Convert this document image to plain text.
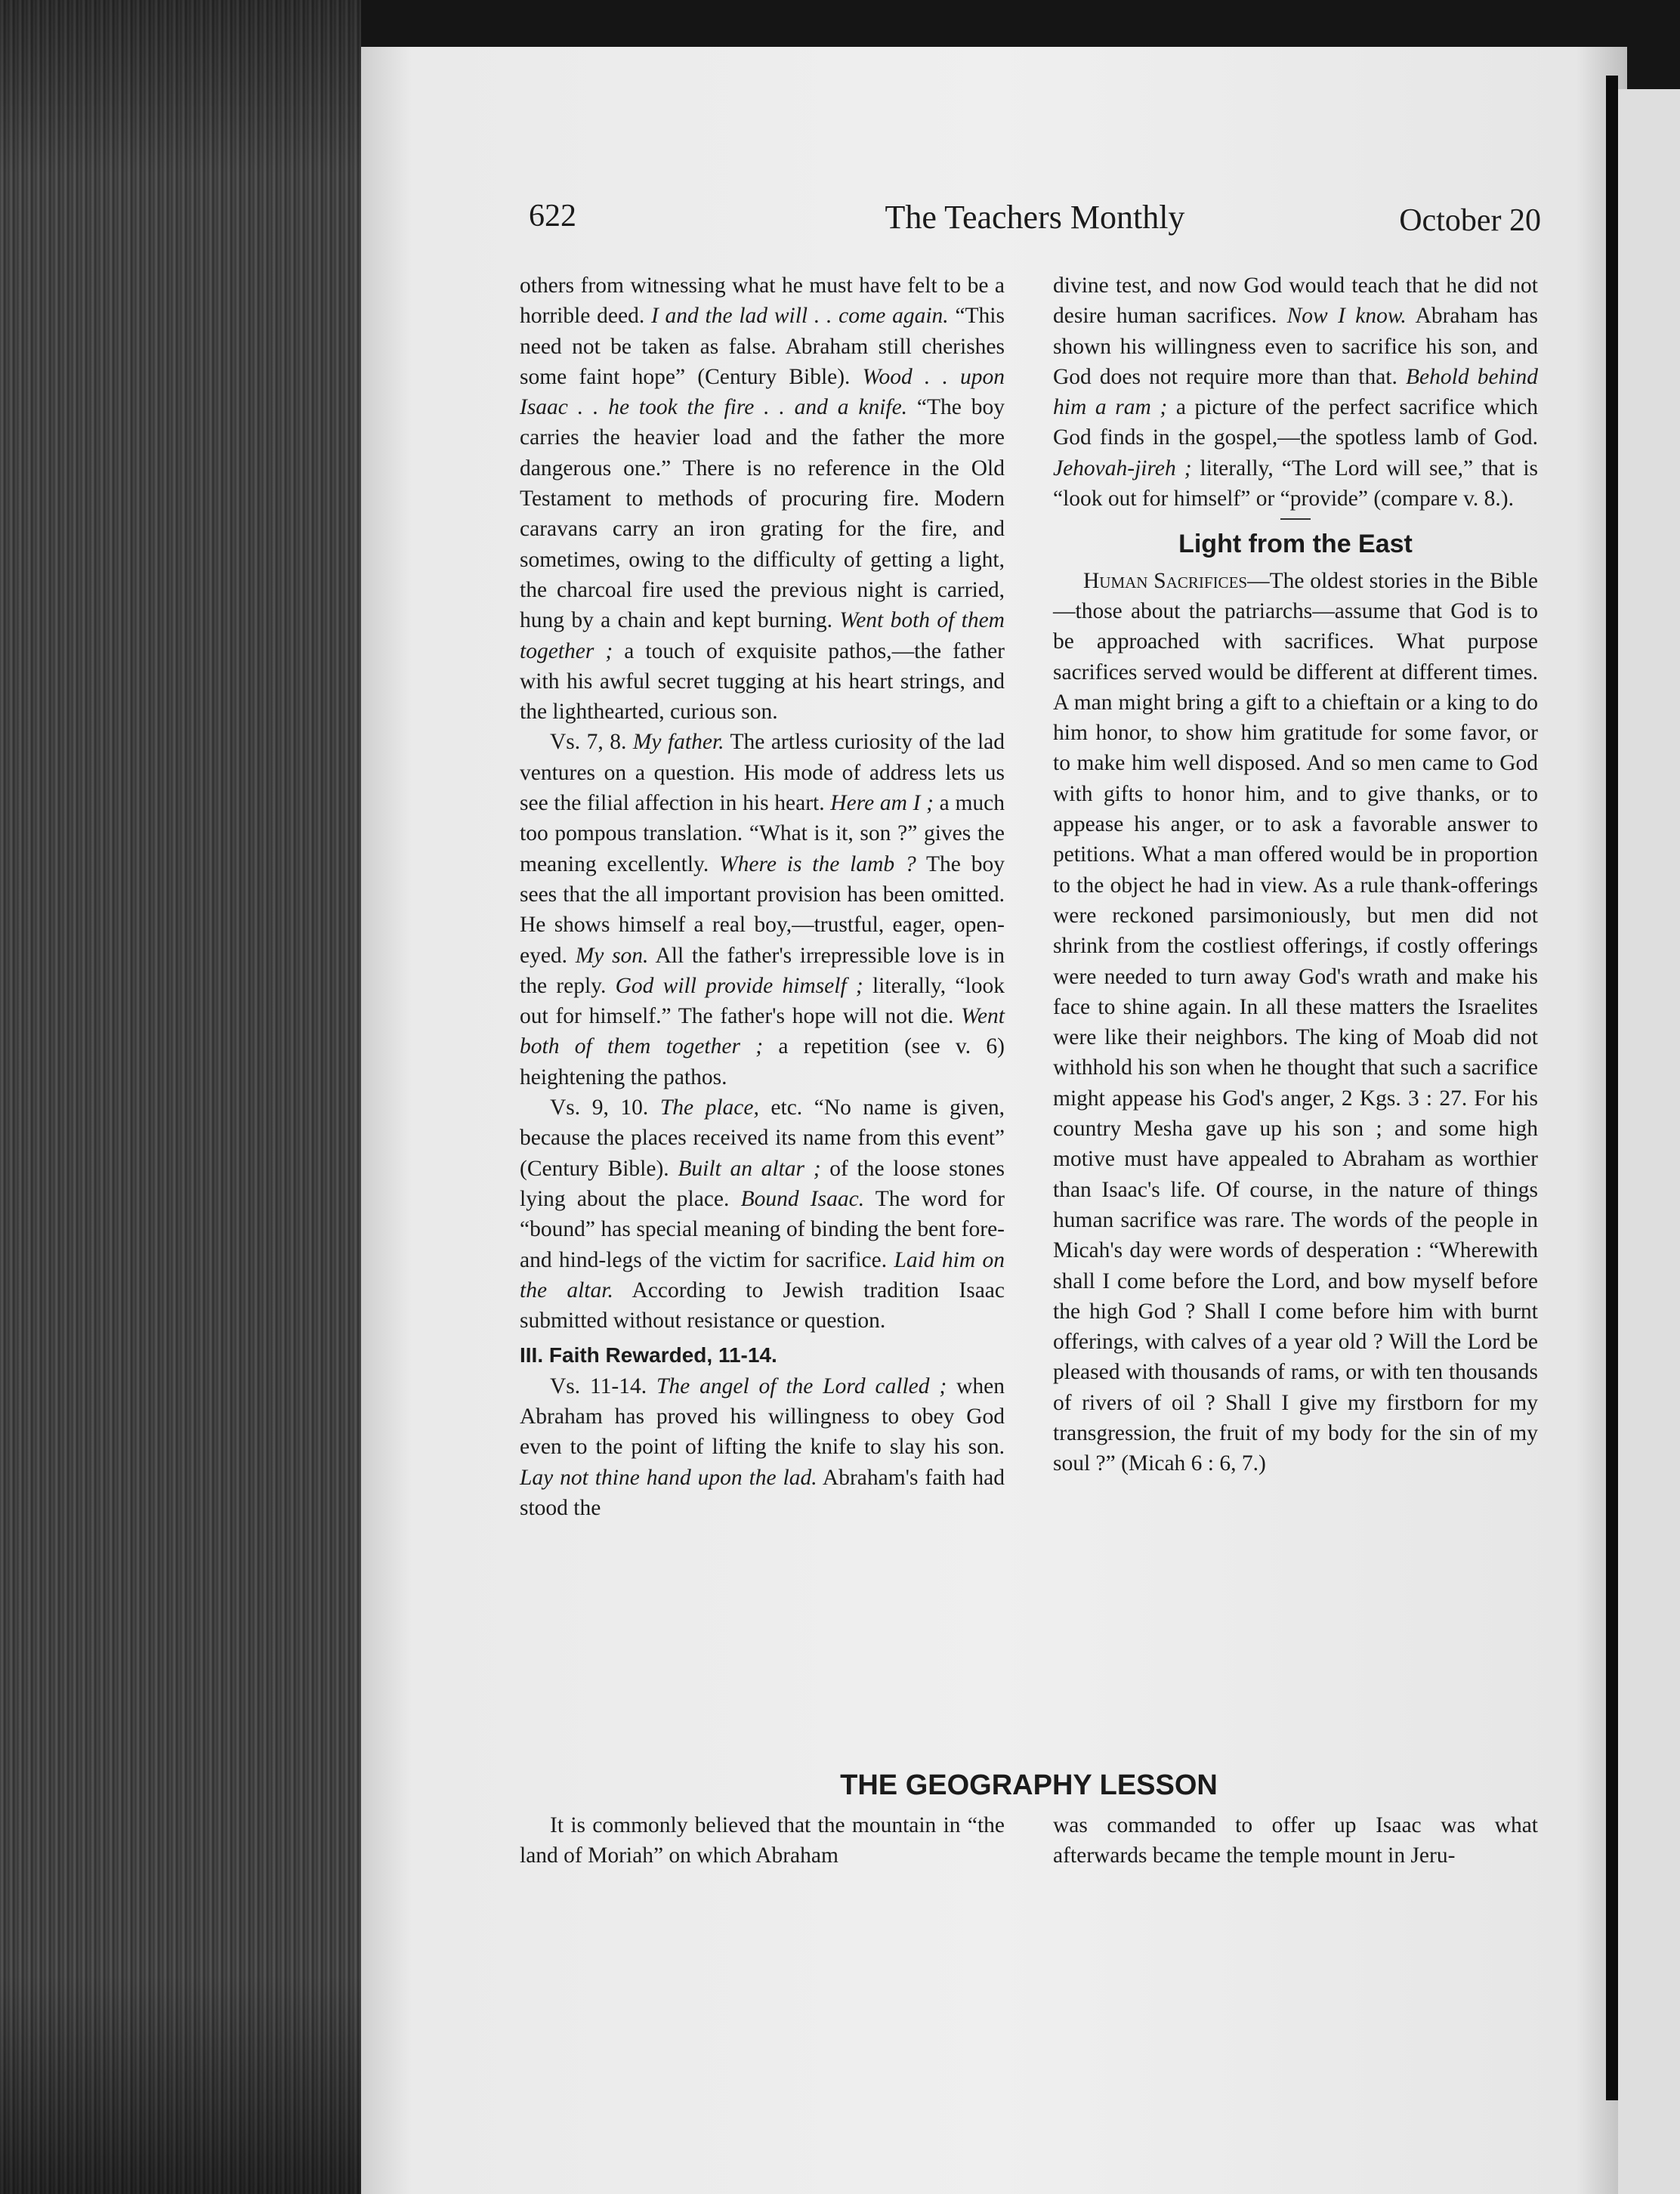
622	The Teachers Monthly	October 20

others from witnessing what he must have felt to be a horrible deed. I and the lad will . . come again. “This need not be taken as false. Abraham still cherishes some faint hope” (Century Bible). Wood . . upon Isaac . . he took the fire . . and a knife. “The boy carries the heavier load and the father the more dangerous one.” There is no reference in the Old Testament to methods of procuring fire. Modern caravans carry an iron grating for the fire, and sometimes, owing to the difficulty of getting a light, the charcoal fire used the previous night is carried, hung by a chain and kept burning. Went both of them together ; a touch of exquisite pathos,—the father with his awful secret tugging at his heart strings, and the lighthearted, curious son.

Vs. 7, 8. My father. The artless curiosity of the lad ventures on a question. His mode of address lets us see the filial affection in his heart. Here am I ; a much too pompous translation. “What is it, son ?” gives the meaning excellently. Where is the lamb ? The boy sees that the all important provision has been omitted. He shows himself a real boy,—trustful, eager, open-eyed. My son. All the father's irrepressible love is in the reply. God will provide himself ; literally, “look out for himself.” The father's hope will not die. Went both of them together ; a repetition (see v. 6) heightening the pathos.

Vs. 9, 10. The place, etc. “No name is given, because the places received its name from this event” (Century Bible). Built an altar ; of the loose stones lying about the place. Bound Isaac. The word for “bound” has special meaning of binding the bent fore- and hind-legs of the victim for sacrifice. Laid him on the altar. According to Jewish tradition Isaac submitted without resistance or question.

III. Faith Rewarded, 11-14.

Vs. 11-14. The angel of the Lord called ; when Abraham has proved his willingness to obey God even to the point of lifting the knife to slay his son. Lay not thine hand upon the lad. Abraham's faith had stood the

divine test, and now God would teach that he did not desire human sacrifices. Now I know. Abraham has shown his willingness even to sacrifice his son, and God does not require more than that. Behold behind him a ram ; a picture of the perfect sacrifice which God finds in the gospel,—the spotless lamb of God. Jehovah-jireh ; literally, “The Lord will see,” that is “look out for himself” or “provide” (compare v. 8.).

Light from the East

Human Sacrifices—The oldest stories in the Bible—those about the patriarchs—assume that God is to be approached with sacrifices. What purpose sacrifices served would be different at different times. A man might bring a gift to a chieftain or a king to do him honor, to show him gratitude for some favor, or to make him well disposed. And so men came to God with gifts to honor him, and to give thanks, or to appease his anger, or to ask a favorable answer to petitions. What a man offered would be in proportion to the object he had in view. As a rule thank-offerings were reckoned parsimoniously, but men did not shrink from the costliest offerings, if costly offerings were needed to turn away God's wrath and make his face to shine again. In all these matters the Israelites were like their neighbors. The king of Moab did not withhold his son when he thought that such a sacrifice might appease his God's anger, 2 Kgs. 3 : 27. For his country Mesha gave up his son ; and some high motive must have appealed to Abraham as worthier than Isaac's life. Of course, in the nature of things human sacrifice was rare. The words of the people in Micah's day were words of desperation : “Wherewith shall I come before the Lord, and bow myself before the high God ? Shall I come before him with burnt offerings, with calves of a year old ? Will the Lord be pleased with thousands of rams, or with ten thousands of rivers of oil ? Shall I give my firstborn for my transgression, the fruit of my body for the sin of my soul ?” (Micah 6 : 6, 7.)

THE GEOGRAPHY LESSON
It is commonly believed that the mountain in “the land of Moriah” on which Abraham
was commanded to offer up Isaac was what afterwards became the temple mount in Jeru-
